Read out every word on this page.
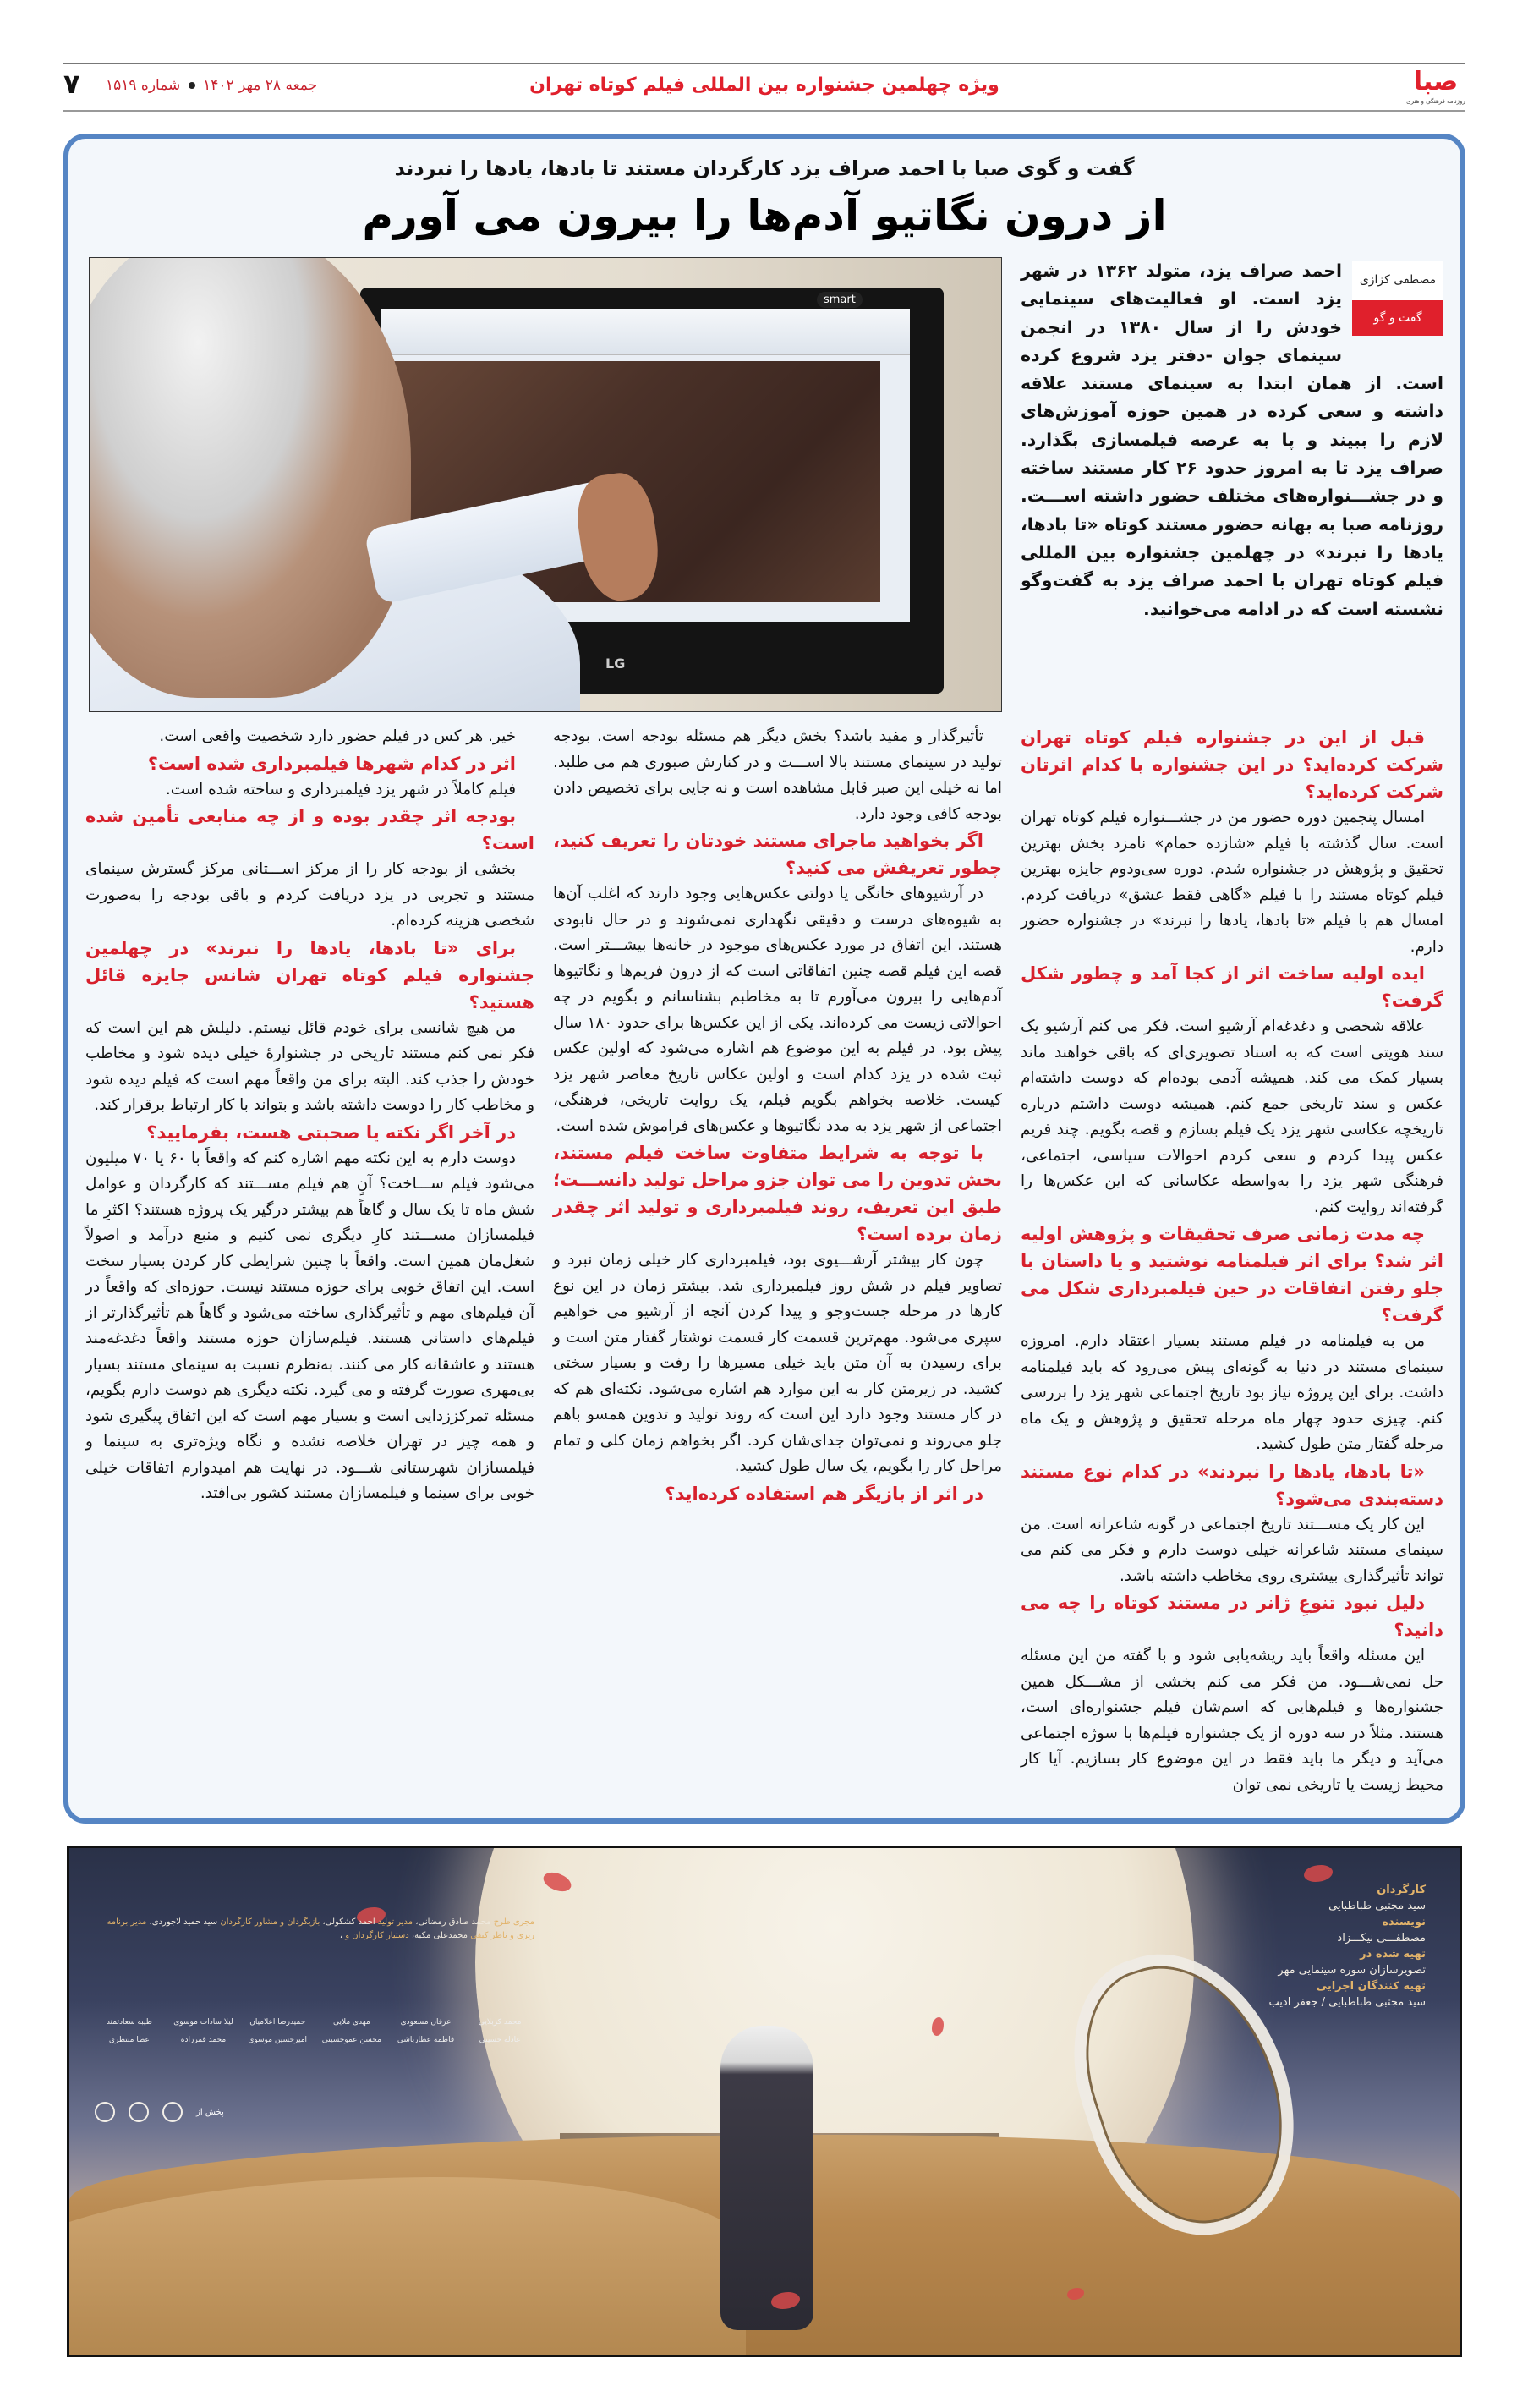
صبا
روزنامه فرهنگی و هنری
ویژه چهلمین جشنواره بین المللی فیلم کوتاه تهران
جمعه ۲۸ مهر ۱۴۰۲  شماره ۱۵۱۹
۷
گفت و گوی صبا با احمد صراف یزد کارگردان مستند تا بادها، یادها را نبردند
از درون نگاتیو آدم‌ها را بیرون می آورم
مصطفی کزازی
گفت و گو

احمد صراف یزد، متولد ۱۳۶۲ در شهر یزد است. او فعالیت‌های سینمایی خودش را از سال ۱۳۸۰ در انجمن سینمای جوان -دفتر یزد شروع کرده است. از همان ابتدا به سینمای مستند علاقه داشته و سعی کرده در همین حوزه آموزش‌های لازم را ببیند و پا به عرصه فیلمسازی بگذارد. صراف یزد تا به امروز حدود ۲۶ کار مستند ساخته و در جشـــنواره‌های مختلف حضور داشته اســـت. روزنامه صبا به بهانه حضور مستند کوتاه «تا بادها، یادها را نبرند» در چهلمین جشنواره بین المللی فیلم کوتاه تهران با احمد صراف یزد به گفت‌وگو نشسته است که در ادامه می‌خوانید.

smart
LG

قبل از این در جشنواره فیلم کوتاه تهران شرکت کرده‌اید؟ در این جشنواره با کدام اثرتان شرکت کرده‌اید؟

امسال پنجمین دوره حضور من در جشـــنواره فیلم کوتاه تهران است. سال گذشته با فیلم «شازده حمام» نامزد بخش بهترین تحقیق و پژوهش در جشنواره شدم. دوره سی‌ودوم جایزه بهترین فیلم کوتاه مستند را با فیلم «گاهی فقط عشق» دریافت کردم. امسال هم با فیلم «تا بادها، یادها را نبرند» در جشنواره حضور دارم.

ایده اولیه ساخت اثر از کجا آمد و چطور شکل گرفت؟

علاقه شخصی و دغدغه‌ام آرشیو است. فکر می کنم آرشیو یک سند هویتی است که به اسناد تصویری‌ای که باقی خواهند ماند بسیار کمک می کند. همیشه آدمی بوده‌ام که دوست داشته‌ام عکس و سند تاریخی جمع کنم. همیشه دوست داشتم درباره تاریخچه عکاسی شهر یزد یک فیلم بسازم و قصه بگویم. چند فریم عکس پیدا کردم و سعی کردم احوالات سیاسی، اجتماعی، فرهنگی شهر یزد را به‌واسطه عکاسانی که این عکس‌ها را گرفته‌اند روایت کنم.

چه مدت زمانی صرف تحقیقات و پژوهش اولیه اثر شد؟ برای اثر فیلمنامه نوشتید و یا داستان با جلو رفتن اتفاقات در حین فیلمبرداری شکل می گرفت؟

من به فیلمنامه در فیلم مستند بسیار اعتقاد دارم. امروزه سینمای مستند در دنیا به گونه‌ای پیش می‌رود که باید فیلمنامه داشت. برای این پروژه نیاز بود تاریخ اجتماعی شهر یزد را بررسی کنم. چیزی حدود چهار ماه مرحله تحقیق و پژوهش و یک ماه مرحله گفتار متن طول کشید.

«تا بادها، یادها را نبردند» در کدام نوع مستند دسته‌بندی می‌شود؟

این کار یک مســـتند تاریخ اجتماعی در گونه شاعرانه است. من سینمای مستند شاعرانه خیلی دوست دارم و فکر می کنم می تواند تأثیرگذاری بیشتری روی مخاطب داشته باشد.

دلیل نبود تنوعِ ژانر در مستند کوتاه را چه می دانید؟

این مسئله واقعاً باید ریشه‌یابی شود و با گفته من این مسئله حل نمی‌شـــود. من فکر می کنم بخشی از مشـــکل همین جشنواره‌ها و فیلم‌هایی که اسم‌شان فیلم جشنواره‌ای است، هستند. مثلاً در سه دوره از یک جشنواره فیلم‌ها با سوژه اجتماعی می‌آید و دیگر ما باید فقط در این موضوع کار بسازیم. آیا کار محیط زیست یا تاریخی نمی توان

تأثیرگذار و مفید باشد؟ بخش دیگر هم مسئله بودجه است. بودجه تولید در سینمای مستند بالا اســـت و در کنارش صبوری هم می طلبد. اما نه خیلی این صبر قابل مشاهده است و نه جایی برای تخصیص دادن بودجه کافی وجود دارد.

اگر بخواهید ماجرای مستند خودتان را تعریف کنید، چطور تعریفش می کنید؟

در آرشیوهای خانگی یا دولتی عکس‌هایی وجود دارند که اغلب آن‌ها به شیوه‌های درست و دقیقی نگهداری نمی‌شوند و در حال نابودی هستند. این اتفاق در مورد عکس‌های موجود در خانه‌ها بیشـــتر است. قصه این فیلم قصه چنین اتفاقاتی است که از درون فریم‌ها و نگاتیوها آدم‌هایی را بیرون می‌آورم تا به مخاطبم بشناسانم و بگویم در چه احوالاتی زیست می کرده‌اند. یکی از این عکس‌ها برای حدود ۱۸۰ سال پیش بود. در فیلم به این موضوع هم اشاره می‌شود که اولین عکس ثبت شده در یزد کدام است و اولین عکاس تاریخ معاصر شهر یزد کیست. خلاصه بخواهم بگویم فیلم، یک روایت تاریخی، فرهنگی، اجتماعی از شهر یزد به مدد نگاتیوها و عکس‌های فراموش شده است.

با توجه به شرایط متفاوت ساخت فیلم مستند، بخش تدوین را می توان جزو مراحل تولید دانســـت؛ طبق این تعریف، روند فیلمبرداری و تولید اثر چقدر زمان برده است؟

چون کار بیشتر آرشـــیوی بود، فیلمبرداری کار خیلی زمان نبرد و تصاویر فیلم در شش روز فیلمبرداری شد. بیشتر زمان در این نوع کارها در مرحله جست‌وجو و پیدا کردن آنچه از آرشیو می خواهیم سپری می‌شود. مهم‌ترین قسمت کار قسمت نوشتار گفتار متن است و برای رسیدن به آن متن باید خیلی مسیرها را رفت و بسیار سختی کشید. در زیرمتن کار به این موارد هم اشاره می‌شود. نکته‌ای هم که در کار مستند وجود دارد این است که روند تولید و تدوین همسو باهم جلو می‌روند و نمی‌توان جدای‌شان کرد. اگر بخواهم زمان کلی و تمام مراحل کار را بگویم، یک سال طول کشید.

در اثر از بازیگر هم استفاده کرده‌اید؟

خیر. هر کس در فیلم حضور دارد شخصیت واقعی است.

اثر در کدام شهرها فیلمبرداری شده است؟

فیلم کاملاً در شهر یزد فیلمبرداری و ساخته شده است.

بودجه اثر چقدر بوده و از چه منابعی تأمین شده است؟

بخشی از بودجه کار را از مرکز اســـتانی مرکز گسترش سینمای مستند و تجربی در یزد دریافت کردم و باقی بودجه را به‌صورت شخصی هزینه کرده‌ام.

برای «تا بادها، یادها را نبرند» در چهلمین جشنواره فیلم کوتاه تهران شانس جایزه قائل هستید؟

من هیچ شانسی برای خودم قائل نیستم. دلیلش هم این است که فکر نمی کنم مستند تاریخی در جشنوارهٔ خیلی دیده شود و مخاطب خودش را جذب کند. البته برای من واقعاً مهم است که فیلم دیده شود و مخاطب کار را دوست داشته باشد و بتواند با کار ارتباط برقرار کند.

در آخر اگر نکته یا صحبتی هست، بفرمایید؟

دوست دارم به این نکته مهم اشاره کنم که واقعاً با ۶۰ یا ۷۰ میلیون می‌شود فیلم ســـاخت؟ آنٍ هم فیلم مســـتند که کارگردان و عوامل شش ماه تا یک سال و گاهاً هم بیشتر درگیر یک پروژه هستند؟ اکثرِ ما فیلمسازان مســـتند کارِ دیگری نمی کنیم و منبع درآمد و اصولاً شغل‌مان همین است. واقعاً با چنین شرایطی کار کردن بسیار سخت است. این اتفاق خوبی برای حوزه مستند نیست. حوزه‌ای که واقعاً در آن فیلم‌های مهم و تأثیرگذاری ساخته می‌شود و گاهاً هم تأثیرگذارتر از فیلم‌های داستانی هستند. فیلم‌سازان حوزه مستند واقعاً دغدغه‌مند هستند و عاشقانه کار می کنند. به‌نظرم نسبت به سینمای مستند بسیار بی‌مهری صورت گرفته و می گیرد. نکته دیگری هم دوست دارم بگویم، مسئله تمرکززدایی است و بسیار مهم است که این اتفاق پیگیری شود و همه چیز در تهران خلاصه نشده و نگاه ویژه‌تری به سینما و فیلمسازان شهرستانی شـــود. در نهایت هم امیدوارم اتفاقات خیلی خوبی برای سینما و فیلمسازان مستند کشور بی‌افتد.

کارگردان
سید مجتبی طباطبایی
نویسنده
مصطفـــی نیکـــزاد
تهیه شده در
تصویرسازان سوره سینمایی مهر
تهیه کنندگان اجرایی
سید مجتبی طباطبایی / جعفر ادیب
مجری طرح محمد صادق رمضانی، مدیر تولید احمد کشکولی، بازیگردان و مشاور کارگردان سید حمید لاجوردی، مدیر برنامه ریزی و ناظر کیفی محمدعلی مکیه، دستیار کارگردان و ،
محمد کربلایی
عرفان مسعودی
مهدی ملایی
حمیدرضا اعلامیان
لیلا سادات موسوی
طیبه سعادتمند
عادله حسینی
فاطمه عطارباشی
محسن عموحسینی
امیرحسین موسوی
محمد قمرزاده
عطا منتظری
پخش از
